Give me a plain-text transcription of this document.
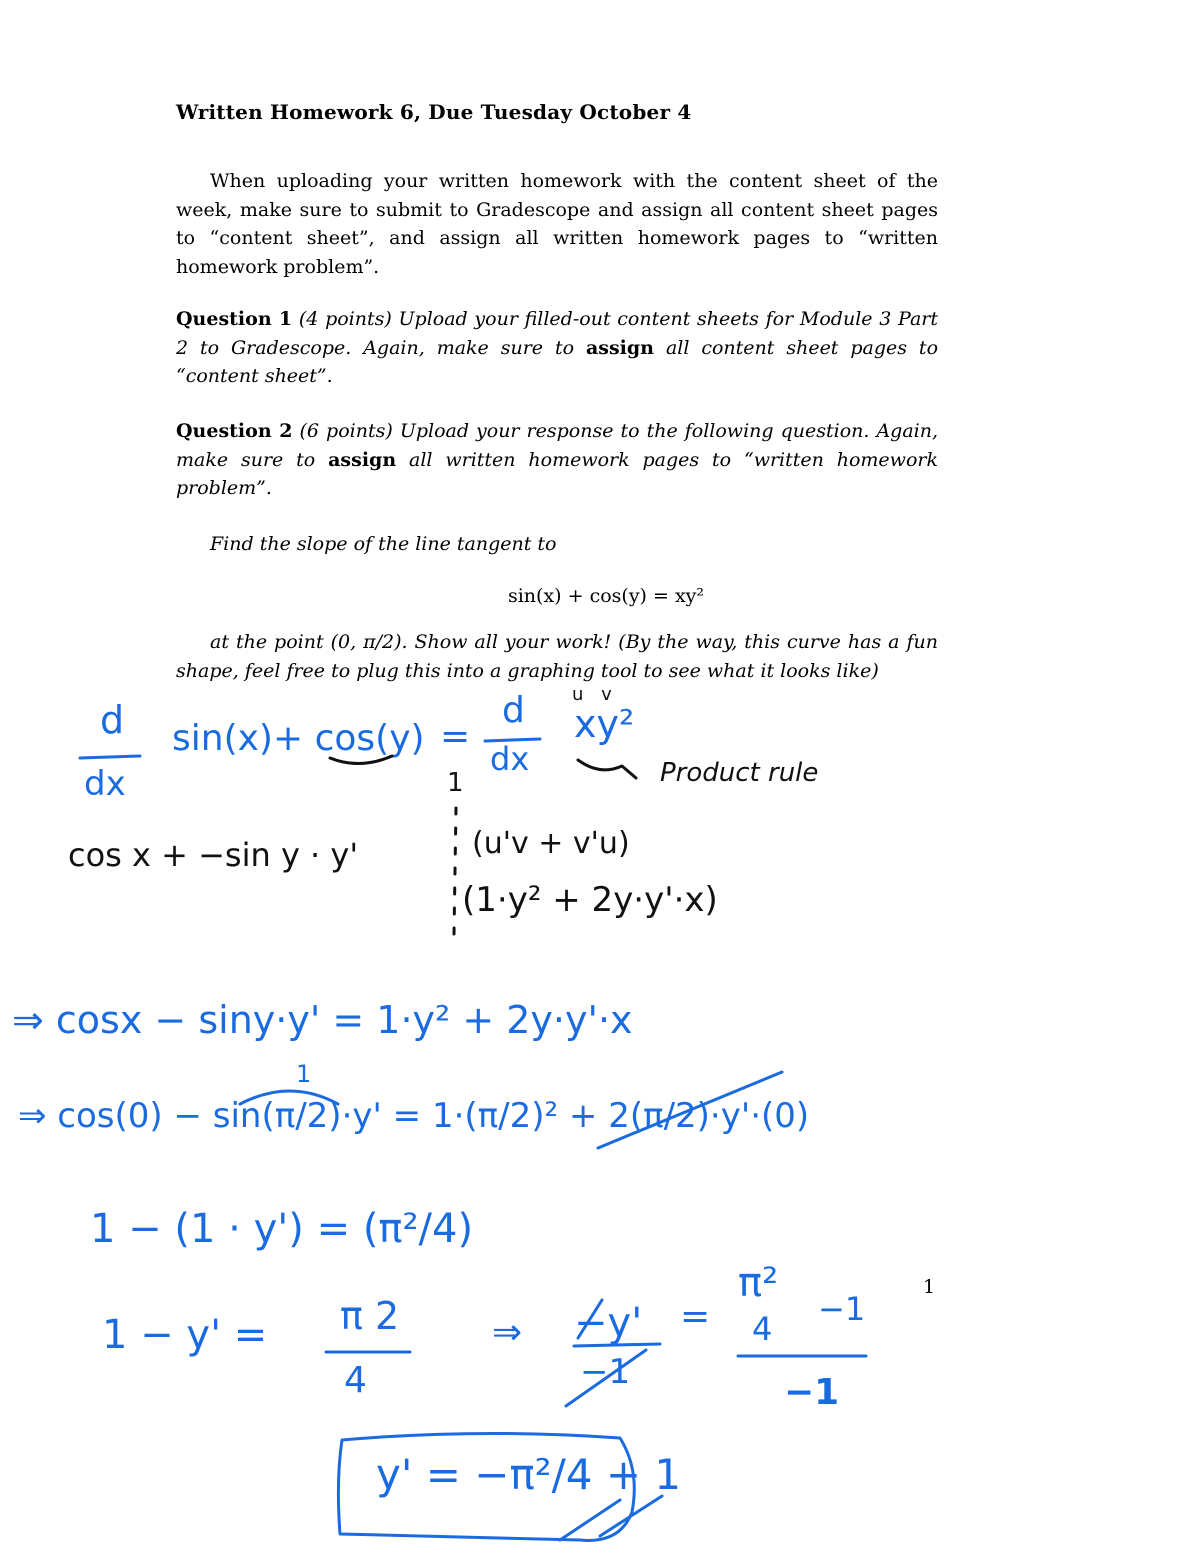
Written Homework 6, Due Tuesday October 4
When uploading your written homework with the content sheet of the week, make sure to submit to Gradescope and assign all content sheet pages to “content sheet”, and assign all written homework pages to “written homework problem”.
Question 1 (4 points) Upload your filled-out content sheets for Module 3 Part 2 to Gradescope. Again, make sure to assign all content sheet pages to “content sheet”.
Question 2 (6 points) Upload your response to the following question. Again, make sure to assign all written homework pages to “written homework problem”.
Find the slope of the line tangent to
sin(x) + cos(y) = xy²
at the point (0, π/2). Show all your work! (By the way, this curve has a fun shape, feel free to plug this into a graphing tool to see what it looks like)
1
d
dx
sin(x)+ cos(y) =
d
dx
xy²
u v
Product rule
1
cos x + −sin y · y'	(u'v + v'u)
(1·y² + 2y·y'·x)
⇒ cosx − siny·y' = 1·y² + 2y·y'·x
1
⇒ cos(0) − sin(π/2)·y' = 1·(π/2)² + 2(π/2)·y'·(0)
1 − (1 · y') = (π²/4)
1 − y' = π 2
4
⇒ −y'
−1
=
π²
4
−1
−1
y' = −π²/4 + 1
